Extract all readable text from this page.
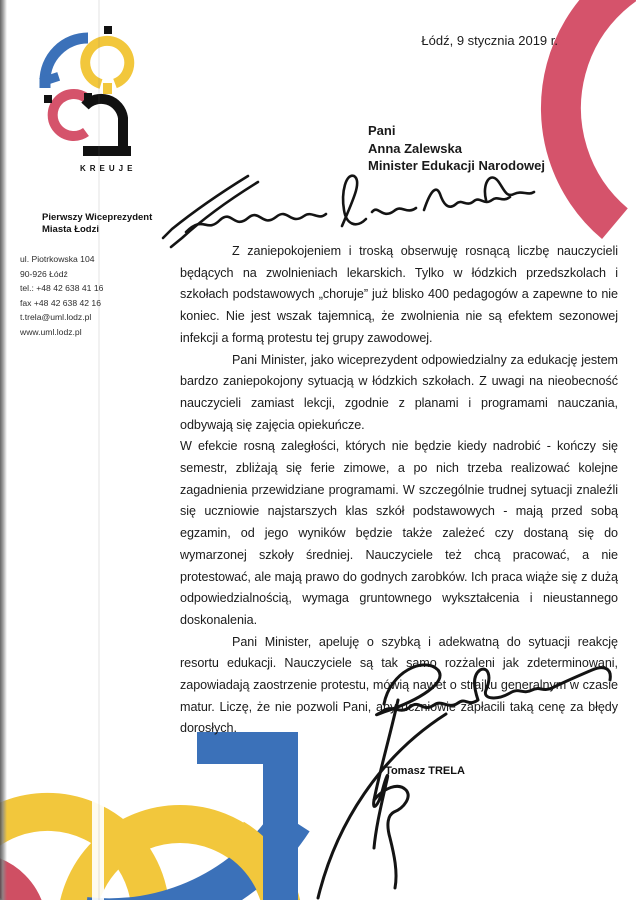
KREUJE
Łódź, 9 stycznia 2019 r.
Pani
Anna Zalewska
Minister Edukacji Narodowej
Pierwszy Wiceprezydent Miasta Łodzi
ul. Piotrkowska 104
90-926 Łódź
tel.: +48 42 638 41 16
fax +48 42 638 42 16
t.trela@uml.lodz.pl
www.uml.lodz.pl

Z zaniepokojeniem i troską obserwuję rosnącą liczbę nauczycieli będących na zwolnieniach lekarskich. Tylko w łódzkich przedszkolach i szkołach podstawowych „choruje” już blisko 400 pedagogów a zapewne to nie koniec. Nie jest wszak tajemnicą, że zwolnienia nie są efektem sezonowej infekcji a formą protestu tej grupy zawodowej.

Pani Minister, jako wiceprezydent odpowiedzialny za edukację jestem bardzo zaniepokojony sytuacją w łódzkich szkołach. Z uwagi na nieobecność nauczycieli zamiast lekcji, zgodnie z planami i programami nauczania, odbywają się zajęcia opiekuńcze.

W efekcie rosną zaległości, których nie będzie kiedy nadrobić - kończy się semestr, zbliżają się ferie zimowe, a po nich trzeba realizować kolejne zagadnienia przewidziane programami. W szczególnie trudnej sytuacji znaleźli się uczniowie najstarszych klas szkół podstawowych - mają przed sobą egzamin, od jego wyników będzie także zależeć czy dostaną się do wymarzonej szkoły średniej. Nauczyciele też chcą pracować, a nie protestować, ale mają prawo do godnych zarobków. Ich praca wiąże się z dużą odpowiedzialnością, wymaga gruntownego wykształcenia i nieustannego doskonalenia.

Pani Minister, apeluję o szybką i adekwatną do sytuacji reakcję resortu edukacji. Nauczyciele są tak samo rozżaleni jak zdeterminowani, zapowiadają zaostrzenie protestu, mówią nawet o strajku generalnym w czasie matur. Liczę, że nie pozwoli Pani, aby uczniowie zapłacili taką cenę za błędy dorosłych.

Tomasz TRELA
